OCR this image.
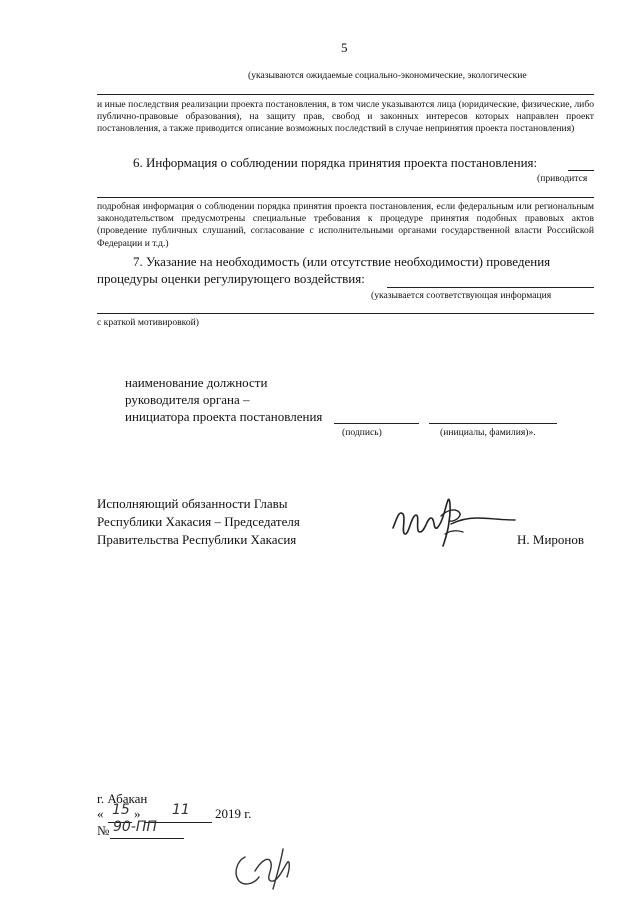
5
(указываются ожидаемые социально-экономические, экологические
и иные последствия реализации проекта постановления, в том числе указываются лица (юридические, физические, либо публично-правовые образования), на защиту прав, свобод и законных интересов которых направлен проект постановления, а также приводится описание возможных последствий в случае непринятия проекта постановления)
6. Информация о соблюдении порядка принятия проекта постановления:
(приводится
подробная информация о соблюдении порядка принятия проекта постановления, если федеральным или региональным законодательством предусмотрены специальные требования к процедуре принятия подобных правовых актов (проведение публичных слушаний, согласование с исполнительными органами государственной власти Российской Федерации и т.д.)
7. Указание на необходимость (или отсутствие необходимости) проведения
процедуры оценки регулирующего воздействия:
(указывается соответствующая информация
с краткой мотивировкой)
наименование должности
руководителя органа –
инициатора проекта постановления
(подпись)	(инициалы, фамилия)».
Исполняющий обязанности Главы
Республики Хакасия – Председателя
Правительства Республики Хакасия	Н. Миронов
г. Абакан
« 15 » 11 2019 г.
№ 90-ПП
